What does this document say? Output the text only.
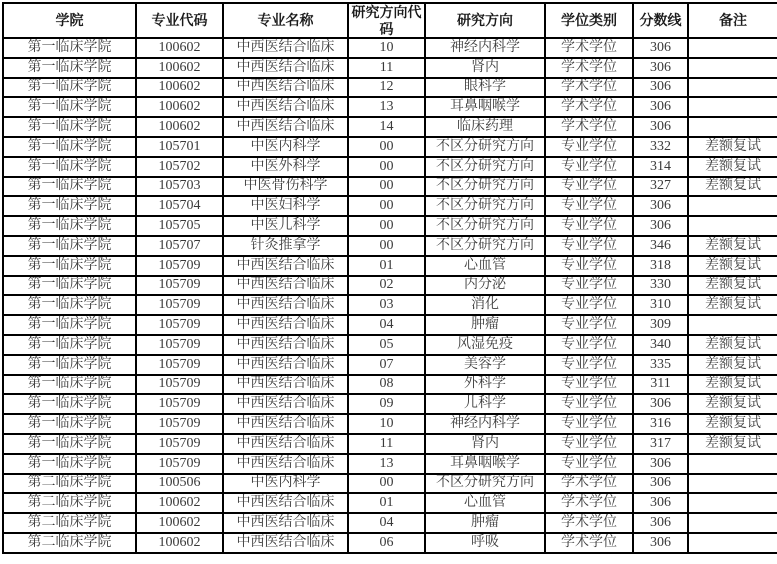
学院	专业代码	专业名称	研究方向代码	研究方向	学位类别	分数线	备注
第一临床学院	100602	中西医结合临床	10	神经内科学	学术学位	306	
第一临床学院	100602	中西医结合临床	11	肾内	学术学位	306	
第一临床学院	100602	中西医结合临床	12	眼科学	学术学位	306	
第一临床学院	100602	中西医结合临床	13	耳鼻咽喉学	学术学位	306	
第一临床学院	100602	中西医结合临床	14	临床药理	学术学位	306	
第一临床学院	105701	中医内科学	00	不区分研究方向	专业学位	332	差额复试
第一临床学院	105702	中医外科学	00	不区分研究方向	专业学位	314	差额复试
第一临床学院	105703	中医骨伤科学	00	不区分研究方向	专业学位	327	差额复试
第一临床学院	105704	中医妇科学	00	不区分研究方向	专业学位	306	
第一临床学院	105705	中医儿科学	00	不区分研究方向	专业学位	306	
第一临床学院	105707	针灸推拿学	00	不区分研究方向	专业学位	346	差额复试
第一临床学院	105709	中西医结合临床	01	心血管	专业学位	318	差额复试
第一临床学院	105709	中西医结合临床	02	内分泌	专业学位	330	差额复试
第一临床学院	105709	中西医结合临床	03	消化	专业学位	310	差额复试
第一临床学院	105709	中西医结合临床	04	肿瘤	专业学位	309	
第一临床学院	105709	中西医结合临床	05	风湿免疫	专业学位	340	差额复试
第一临床学院	105709	中西医结合临床	07	美容学	专业学位	335	差额复试
第一临床学院	105709	中西医结合临床	08	外科学	专业学位	311	差额复试
第一临床学院	105709	中西医结合临床	09	儿科学	专业学位	306	差额复试
第一临床学院	105709	中西医结合临床	10	神经内科学	专业学位	316	差额复试
第一临床学院	105709	中西医结合临床	11	肾内	专业学位	317	差额复试
第一临床学院	105709	中西医结合临床	13	耳鼻咽喉学	专业学位	306	
第二临床学院	100506	中医内科学	00	不区分研究方向	学术学位	306	
第二临床学院	100602	中西医结合临床	01	心血管	学术学位	306	
第二临床学院	100602	中西医结合临床	04	肿瘤	学术学位	306	
第二临床学院	100602	中西医结合临床	06	呼吸	学术学位	306	
